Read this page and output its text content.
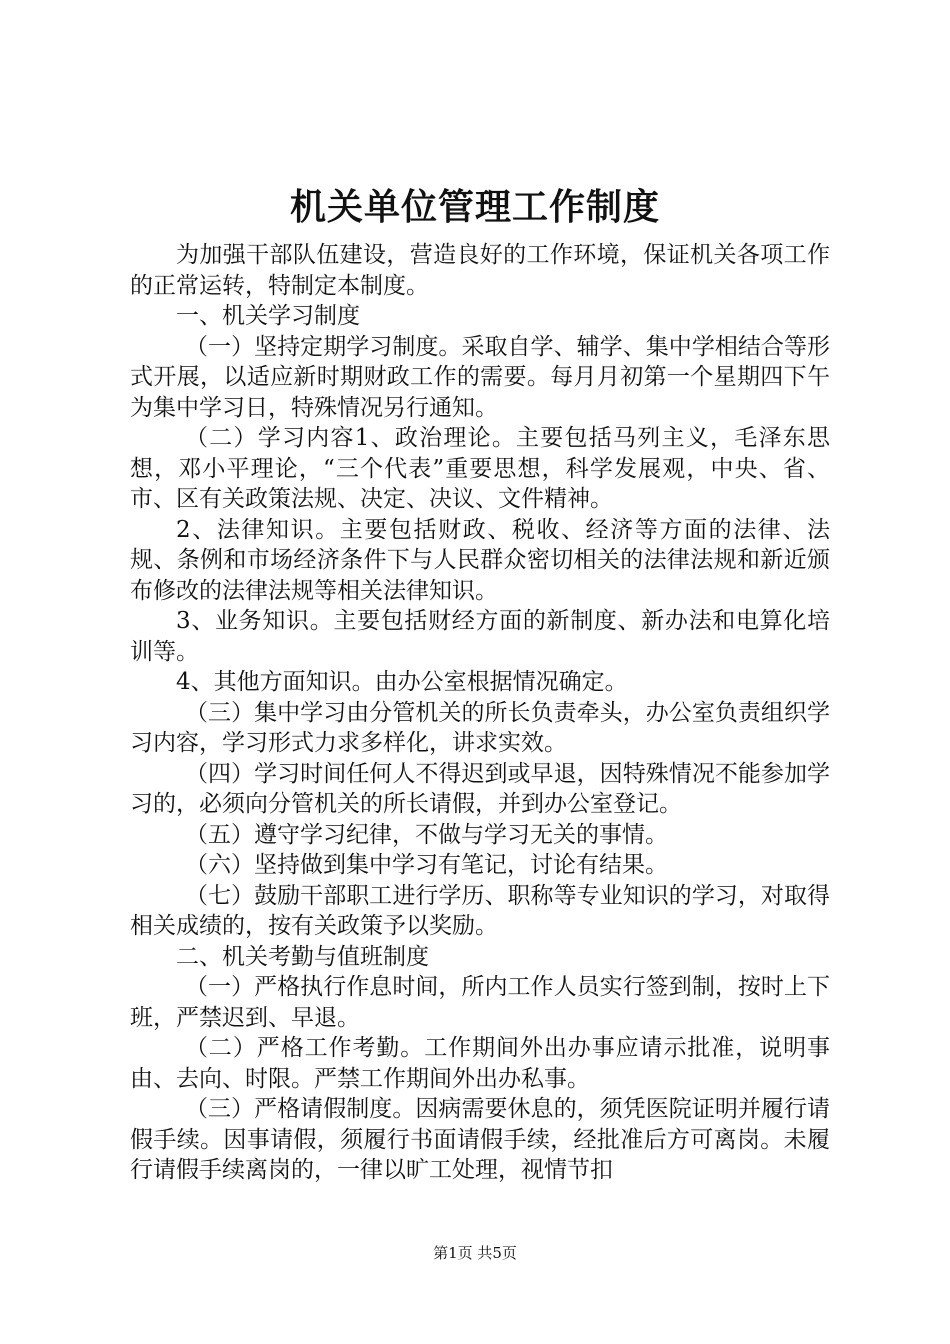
机关单位管理工作制度

为加强干部队伍建设，营造良好的工作环境，保证机关各项工作的正常运转，特制定本制度。

一、机关学习制度

（一）坚持定期学习制度。采取自学、辅学、集中学相结合等形式开展，以适应新时期财政工作的需要。每月月初第一个星期四下午为集中学习日，特殊情况另行通知。

（二）学习内容1、政治理论。主要包括马列主义，毛泽东思想，邓小平理论，“三个代表”重要思想，科学发展观，中央、省、市、区有关政策法规、决定、决议、文件精神。

2、法律知识。主要包括财政、税收、经济等方面的法律、法规、条例和市场经济条件下与人民群众密切相关的法律法规和新近颁布修改的法律法规等相关法律知识。

3、业务知识。主要包括财经方面的新制度、新办法和电算化培训等。

4、其他方面知识。由办公室根据情况确定。

（三）集中学习由分管机关的所长负责牵头，办公室负责组织学习内容，学习形式力求多样化，讲求实效。

（四）学习时间任何人不得迟到或早退，因特殊情况不能参加学习的，必须向分管机关的所长请假，并到办公室登记。

（五）遵守学习纪律，不做与学习无关的事情。

（六）坚持做到集中学习有笔记，讨论有结果。

（七）鼓励干部职工进行学历、职称等专业知识的学习，对取得相关成绩的，按有关政策予以奖励。

二、机关考勤与值班制度

（一）严格执行作息时间，所内工作人员实行签到制，按时上下班，严禁迟到、早退。

（二）严格工作考勤。工作期间外出办事应请示批准，说明事由、去向、时限。严禁工作期间外出办私事。

（三）严格请假制度。因病需要休息的，须凭医院证明并履行请假手续。因事请假，须履行书面请假手续，经批准后方可离岗。未履行请假手续离岗的，一律以旷工处理，视情节扣

第1页 共5页
